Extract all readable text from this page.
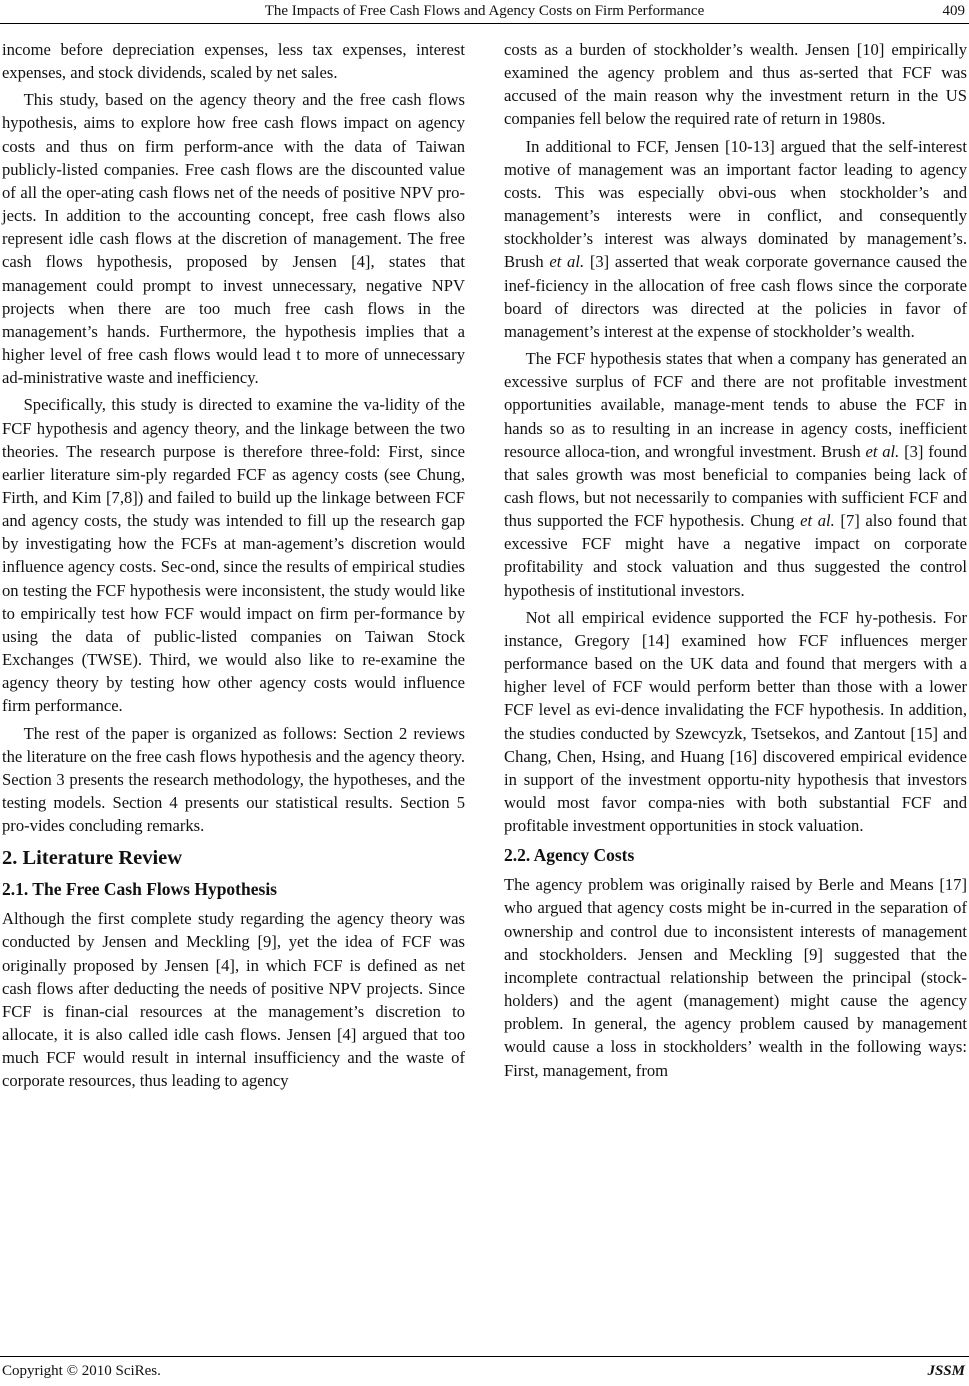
The Impacts of Free Cash Flows and Agency Costs on Firm Performance	409

income before depreciation expenses, less tax expenses, interest expenses, and stock dividends, scaled by net sales.

This study, based on the agency theory and the free cash flows hypothesis, aims to explore how free cash flows impact on agency costs and thus on firm perform-ance with the data of Taiwan publicly-listed companies. Free cash flows are the discounted value of all the oper-ating cash flows net of the needs of positive NPV pro-jects. In addition to the accounting concept, free cash flows also represent idle cash flows at the discretion of management. The free cash flows hypothesis, proposed by Jensen [4], states that management could prompt to invest unnecessary, negative NPV projects when there are too much free cash flows in the management’s hands. Furthermore, the hypothesis implies that a higher level of free cash flows would lead t to more of unnecessary ad-ministrative waste and inefficiency.

Specifically, this study is directed to examine the va-lidity of the FCF hypothesis and agency theory, and the linkage between the two theories. The research purpose is therefore three-fold: First, since earlier literature sim-ply regarded FCF as agency costs (see Chung, Firth, and Kim [7,8]) and failed to build up the linkage between FCF and agency costs, the study was intended to fill up the research gap by investigating how the FCFs at man-agement’s discretion would influence agency costs. Sec-ond, since the results of empirical studies on testing the FCF hypothesis were inconsistent, the study would like to empirically test how FCF would impact on firm per-formance by using the data of public-listed companies on Taiwan Stock Exchanges (TWSE). Third, we would also like to re-examine the agency theory by testing how other agency costs would influence firm performance.

The rest of the paper is organized as follows: Section 2 reviews the literature on the free cash flows hypothesis and the agency theory. Section 3 presents the research methodology, the hypotheses, and the testing models. Section 4 presents our statistical results. Section 5 pro-vides concluding remarks.

2. Literature Review
2.1. The Free Cash Flows Hypothesis

Although the first complete study regarding the agency theory was conducted by Jensen and Meckling [9], yet the idea of FCF was originally proposed by Jensen [4], in which FCF is defined as net cash flows after deducting the needs of positive NPV projects. Since FCF is finan-cial resources at the management’s discretion to allocate, it is also called idle cash flows. Jensen [4] argued that too much FCF would result in internal insufficiency and the waste of corporate resources, thus leading to agency

costs as a burden of stockholder’s wealth. Jensen [10] empirically examined the agency problem and thus as-serted that FCF was accused of the main reason why the investment return in the US companies fell below the required rate of return in 1980s.

In additional to FCF, Jensen [10-13] argued that the self-interest motive of management was an important factor leading to agency costs. This was especially obvi-ous when stockholder’s and management’s interests were in conflict, and consequently stockholder’s interest was always dominated by management’s. Brush et al. [3] asserted that weak corporate governance caused the inef-ficiency in the allocation of free cash flows since the corporate board of directors was directed at the policies in favor of management’s interest at the expense of stockholder’s wealth.

The FCF hypothesis states that when a company has generated an excessive surplus of FCF and there are not profitable investment opportunities available, manage-ment tends to abuse the FCF in hands so as to resulting in an increase in agency costs, inefficient resource alloca-tion, and wrongful investment. Brush et al. [3] found that sales growth was most beneficial to companies being lack of cash flows, but not necessarily to companies with sufficient FCF and thus supported the FCF hypothesis. Chung et al. [7] also found that excessive FCF might have a negative impact on corporate profitability and stock valuation and thus suggested the control hypothesis of institutional investors.

Not all empirical evidence supported the FCF hy-pothesis. For instance, Gregory [14] examined how FCF influences merger performance based on the UK data and found that mergers with a higher level of FCF would perform better than those with a lower FCF level as evi-dence invalidating the FCF hypothesis. In addition, the studies conducted by Szewcyzk, Tsetsekos, and Zantout [15] and Chang, Chen, Hsing, and Huang [16] discovered empirical evidence in support of the investment opportu-nity hypothesis that investors would most favor compa-nies with both substantial FCF and profitable investment opportunities in stock valuation.

2.2. Agency Costs

The agency problem was originally raised by Berle and Means [17] who argued that agency costs might be in-curred in the separation of ownership and control due to inconsistent interests of management and stockholders. Jensen and Meckling [9] suggested that the incomplete contractual relationship between the principal (stock-holders) and the agent (management) might cause the agency problem. In general, the agency problem caused by management would cause a loss in stockholders’ wealth in the following ways: First, management, from

Copyright © 2010 SciRes.	JSSM
